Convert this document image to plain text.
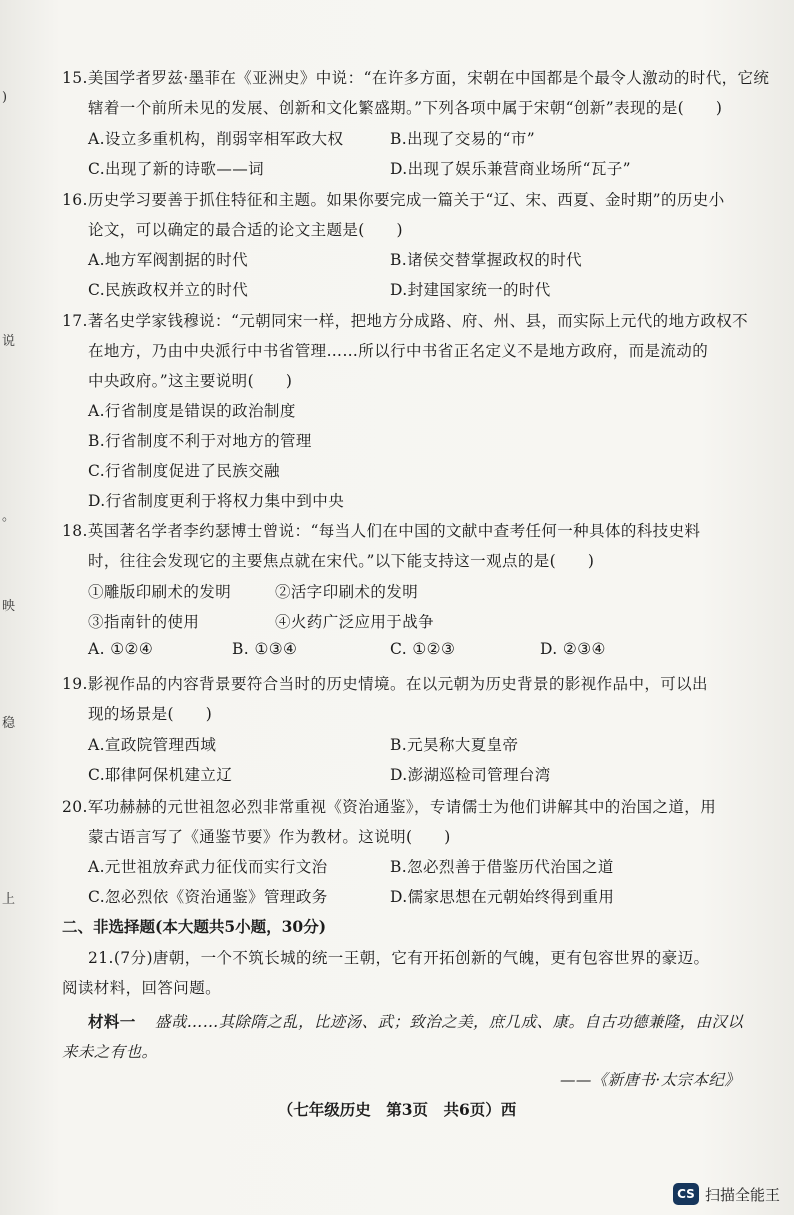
)
说
。
映
稳
上
15.美国学者罗兹·墨菲在《亚洲史》中说：“在许多方面，宋朝在中国都是个最令人激动的时代，它统
辖着一个前所未见的发展、创新和文化繁盛期。”下列各项中属于宋朝“创新”表现的是(　　)
A.设立多重机构，削弱宰相军政大权	B.出现了交易的“市”
C.出现了新的诗歌——词	D.出现了娱乐兼营商业场所“瓦子”
16.历史学习要善于抓住特征和主题。如果你要完成一篇关于“辽、宋、西夏、金时期”的历史小
论文，可以确定的最合适的论文主题是(　　)
A.地方军阀割据的时代	B.诸侯交替掌握政权的时代
C.民族政权并立的时代	D.封建国家统一的时代
17.著名史学家钱穆说：“元朝同宋一样，把地方分成路、府、州、县，而实际上元代的地方政权不
在地方，乃由中央派行中书省管理……所以行中书省正名定义不是地方政府，而是流动的
中央政府。”这主要说明(　　)
A.行省制度是错误的政治制度
B.行省制度不利于对地方的管理
C.行省制度促进了民族交融
D.行省制度更利于将权力集中到中央
18.英国著名学者李约瑟博士曾说：“每当人们在中国的文献中查考任何一种具体的科技史料
时，往往会发现它的主要焦点就在宋代。”以下能支持这一观点的是(　　)
①雕版印刷术的发明	②活字印刷术的发明
③指南针的使用	④火药广泛应用于战争
A. ①②④	B. ①③④	C. ①②③	D. ②③④
19.影视作品的内容背景要符合当时的历史情境。在以元朝为历史背景的影视作品中，可以出
现的场景是(　　)
A.宣政院管理西域	B.元昊称大夏皇帝
C.耶律阿保机建立辽	D.澎湖巡检司管理台湾
20.军功赫赫的元世祖忽必烈非常重视《资治通鉴》，专请儒士为他们讲解其中的治国之道，用
蒙古语言写了《通鉴节要》作为教材。这说明(　　)
A.元世祖放弃武力征伐而实行文治	B.忽必烈善于借鉴历代治国之道
C.忽必烈依《资治通鉴》管理政务	D.儒家思想在元朝始终得到重用
二、非选择题(本大题共5小题，30分)
21.(7分)唐朝，一个不筑长城的统一王朝，它有开拓创新的气魄，更有包容世界的豪迈。
阅读材料，回答问题。
材料一 盛哉……其除隋之乱，比迹汤、武；致治之美，庶几成、康。自古功德兼隆，由汉以
来未之有也。
——《新唐书·太宗本纪》
（七年级历史　第3页　共6页）西
CS 扫描全能王
